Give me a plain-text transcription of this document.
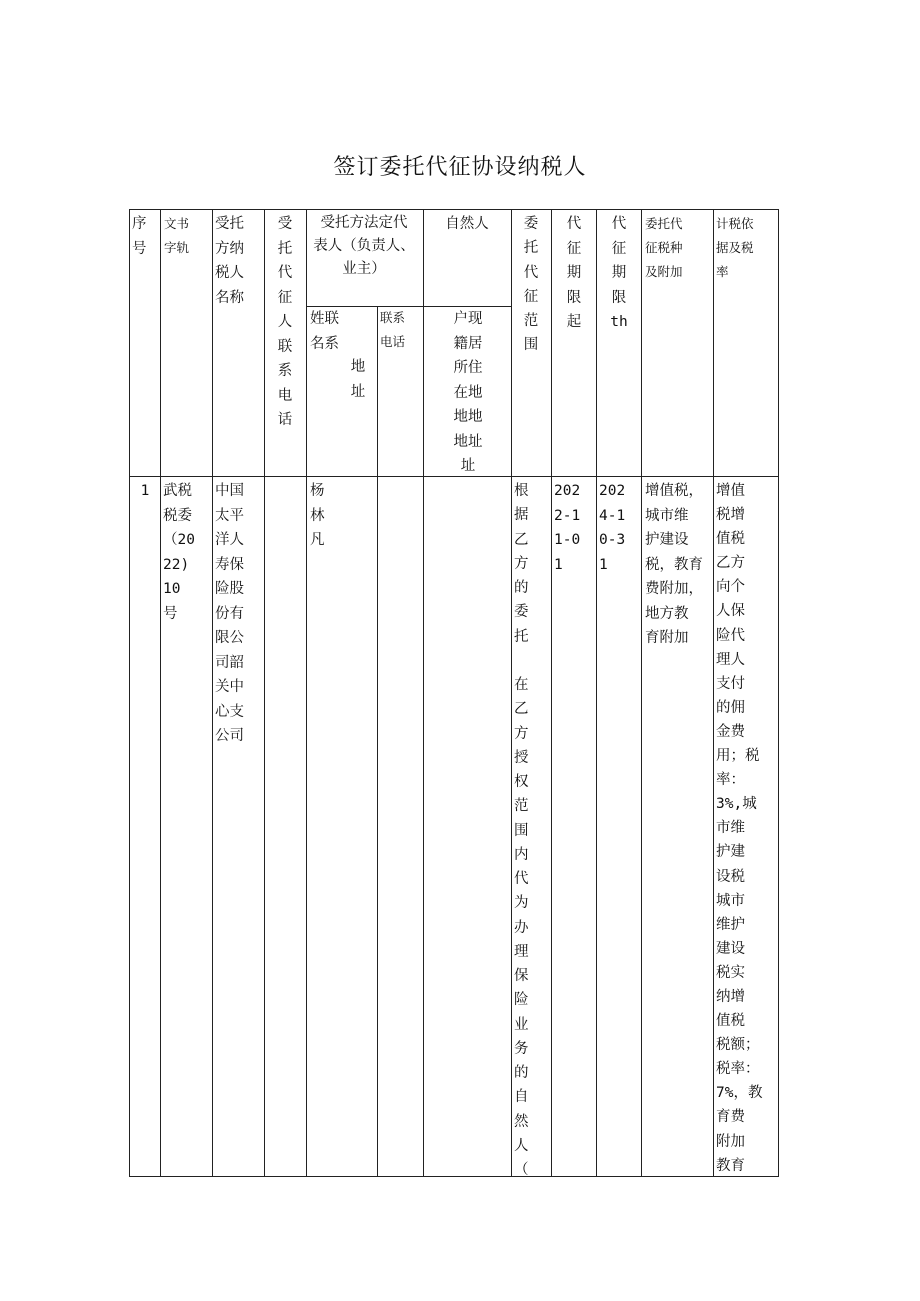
签订委托代征协设纳税人
序
号
文书
字轨
受托
方纳
税人
名称
受
托
代
征
人
联
系
电
话
受托方法定代
表人（负责人、
业主）
自然人
姓联
名系
地
址
联系
电话
户现
籍居
所住
在地
地地
地址
址
委
托
代
征
范
围
代
征
期
限
起
代
征
期
限
th
委托代
征税种
及附加
计税依
据及税
率
1 武税
税委
（20
22)
10
号
中国
太平
洋人
寿保
险股
份有
限公
司韶
关中
心支
公司
杨
林
凡
根
据
乙
方
的
委
托

在
乙
方
授
权
范
围
内
代
为
办
理
保
险
业
务
的
自
然
人
（
202
2-1
1-0
1
202
4-1
0-3
1
增值税，
城市维
护建设
税，教育
费附加，
地方教
育附加
增值
税增
值税
乙方
向个
人保
险代
理人
支付
的佣
金费
用；税
率：
3%,城
市维
护建
设税
城市
维护
建设
税实
纳增
值税
税额；
税率：
7%，教
育费
附加
教育
